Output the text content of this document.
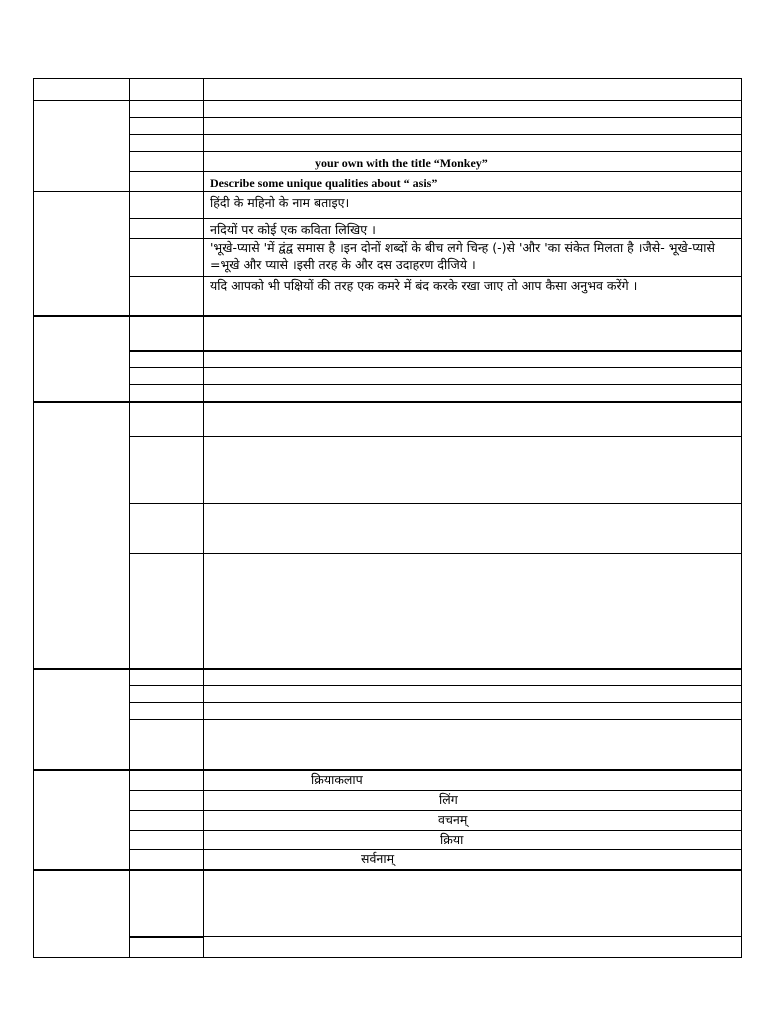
		your own with the title “Monkey”
		Describe some unique qualities about “ asis”
		हिंदी के महिनो के नाम बताइए।
		नदियों पर कोई एक कविता लिखिए ।

		'भूखे-प्यासे 'में द्वंद्व समास है ।इन दोनों शब्दों के बीच लगे चिन्ह (-)से 'और 'का संकेत मिलता है ।जैसे- भूखे-प्यासे =भूखे और प्यासे ।इसी तरह के और दस उदाहरण दीजिये ।

		यदि आपको भी पक्षियों की तरह एक कमरे में बंद करके रखा जाए तो आप कैसा अनुभव करेंगे ।

		क्रियाकलाप

		लिंग

		वचनम्

		क्रिया

		सर्वनाम्
